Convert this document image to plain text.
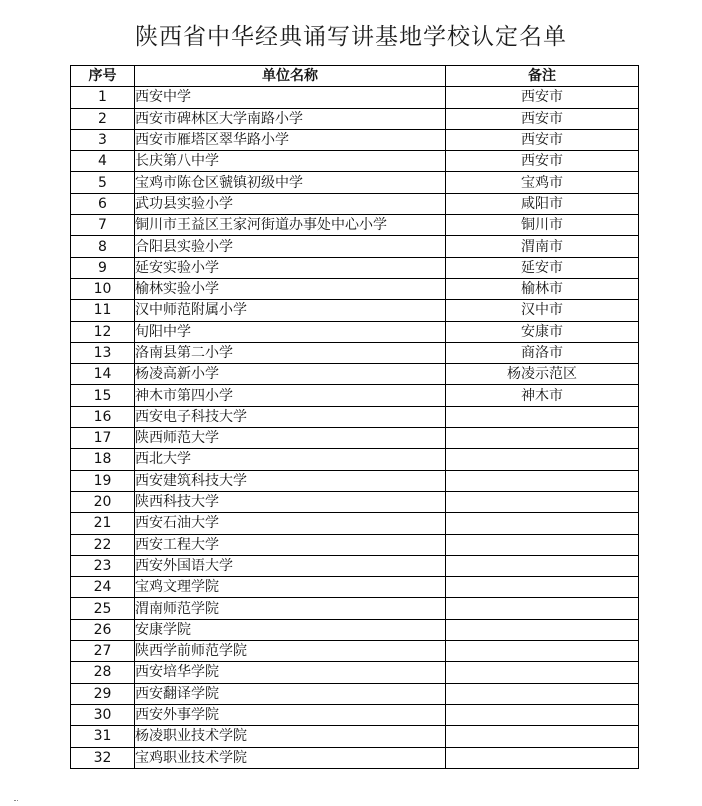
陕西省中华经典诵写讲基地学校认定名单
序号	单位名称	备注
1	西安中学	西安市
2	西安市碑林区大学南路小学	西安市
3	西安市雁塔区翠华路小学	西安市
4	长庆第八中学	西安市
5	宝鸡市陈仓区虢镇初级中学	宝鸡市
6	武功县实验小学	咸阳市
7	铜川市王益区王家河街道办事处中心小学	铜川市
8	合阳县实验小学	渭南市
9	延安实验小学	延安市
10	榆林实验小学	榆林市
11	汉中师范附属小学	汉中市
12	旬阳中学	安康市
13	洛南县第二小学	商洛市
14	杨凌高新小学	杨凌示范区
15	神木市第四小学	神木市
16	西安电子科技大学	
17	陕西师范大学	
18	西北大学	
19	西安建筑科技大学	
20	陕西科技大学	
21	西安石油大学	
22	西安工程大学	
23	西安外国语大学	
24	宝鸡文理学院	
25	渭南师范学院	
26	安康学院	
27	陕西学前师范学院	
28	西安培华学院	
29	西安翻译学院	
30	西安外事学院	
31	杨凌职业技术学院	
32	宝鸡职业技术学院	
